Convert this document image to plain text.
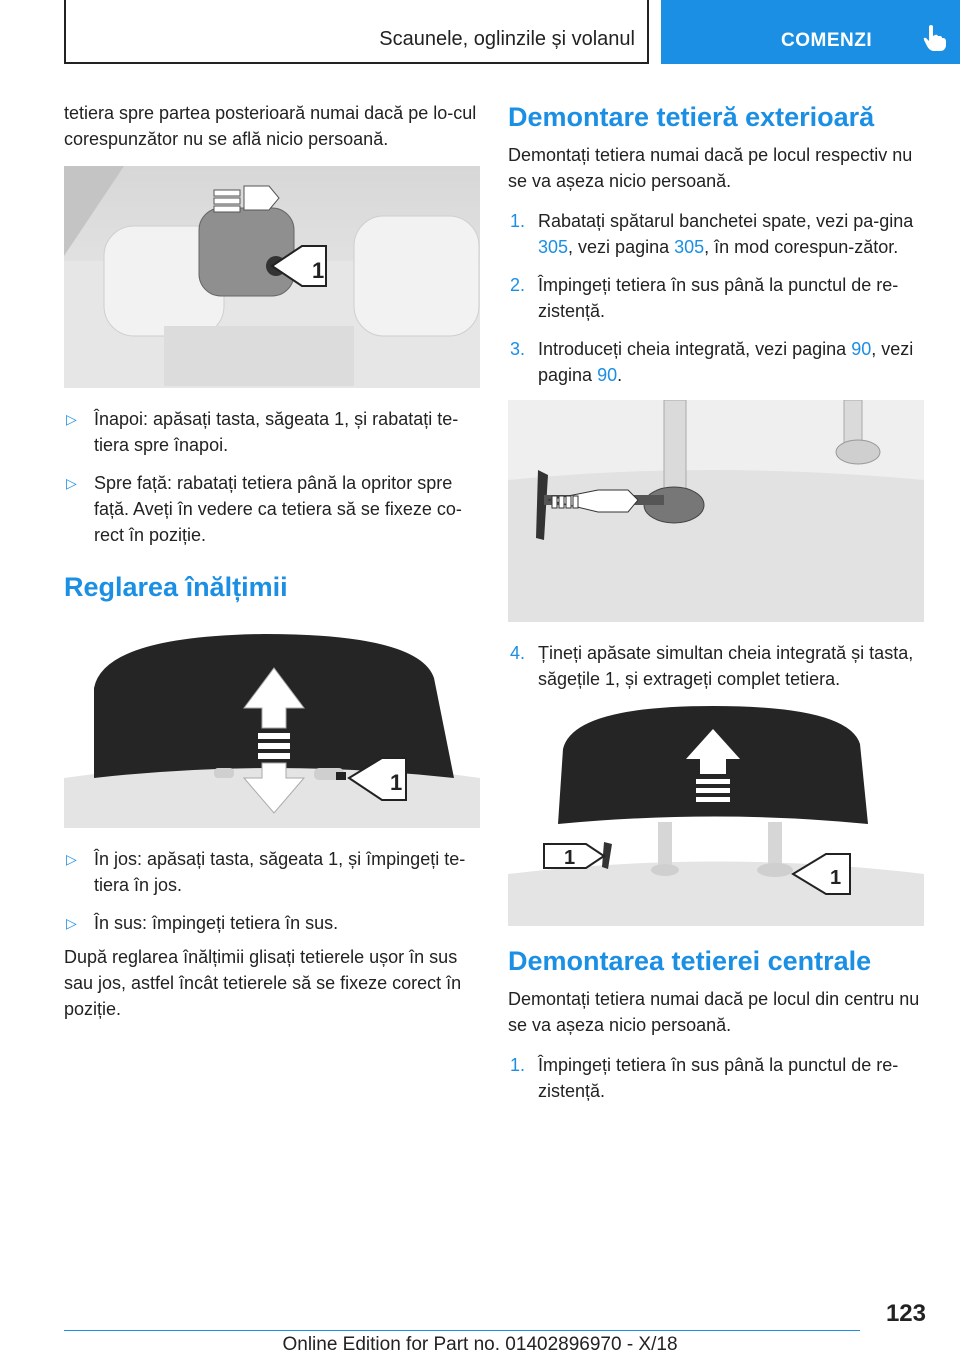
Scaunele, oglinzile și volanul	COMENZI

tetiera spre partea posterioară numai dacă pe lo-cul corespunzător nu se află nicio persoană.

1
▷ Înapoi: apăsați tasta, săgeata 1, și rabatați te-tiera spre înapoi.
▷ Spre față: rabatați tetiera până la opritor spre față. Aveți în vedere ca tetiera să se fixeze co-rect în poziție.
Reglarea înălțimii
1
▷ În jos: apăsați tasta, săgeata 1, și împingeți te-tiera în jos.
▷ În sus: împingeți tetiera în sus.

După reglarea înălțimii glisați tetierele ușor în sus sau jos, astfel încât tetierele să se fixeze corect în poziție.

Demontare tetieră exterioară

Demontați tetiera numai dacă pe locul respectiv nu se va așeza nicio persoană.

1. Rabatați spătarul banchetei spate, vezi pa-gina 305, vezi pagina 305, în mod corespun-zător.
2. Împingeți tetiera în sus până la punctul de re-zistență.
3. Introduceți cheia integrată, vezi pagina 90, vezi pagina 90.
4. Țineți apăsate simultan cheia integrată și tasta, săgețile 1, și extrageți complet tetiera.
1
1
Demontarea tetierei centrale

Demontați tetiera numai dacă pe locul din centru nu se va așeza nicio persoană.

1. Împingeți tetiera în sus până la punctul de re-zistență.
123
Online Edition for Part no. 01402896970 - X/18
